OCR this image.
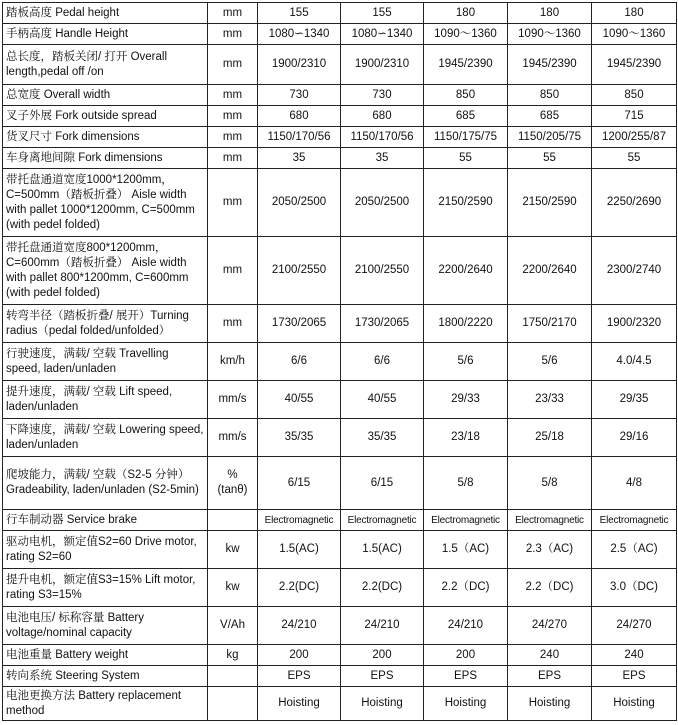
踏板高度 Pedal height	mm	155	155	180	180	180
手柄高度 Handle Height	mm	1080∽1340	1080∽1340	1090～1360	1090～1360	1090～1360
总长度，踏板关闭/ 打开 Overall length,pedal off /on	mm	1900/2310	1900/2310	1945/2390	1945/2390	1945/2390
总宽度 Overall width	mm	730	730	850	850	850
叉子外展 Fork outside spread	mm	680	680	685	685	715
货叉尺寸 Fork dimensions	mm	1150/170/56	1150/170/56	1150/175/75	1150/205/75	1200/255/87
车身离地间隙 Fork dimensions	mm	35	35	55	55	55
带托盘通道宽度1000*1200mm，C=500mm（踏板折叠） Aisle width with pallet 1000*1200mm, C=500mm (with pedel folded)	mm	2050/2500	2050/2500	2150/2590	2150/2590	2250/2690
带托盘通道宽度800*1200mm，C=600mm（踏板折叠） Aisle width with pallet 800*1200mm, C=600mm (with pedel folded)	mm	2100/2550	2100/2550	2200/2640	2200/2640	2300/2740
转弯半径（踏板折叠/ 展开）Turning radius（pedal folded/unfolded）	mm	1730/2065	1730/2065	1800/2220	1750/2170	1900/2320
行驶速度，满载/ 空载 Travelling speed, laden/unladen	km/h	6/6	6/6	5/6	5/6	4.0/4.5
提升速度，满载/ 空载 Lift speed, laden/unladen	mm/s	40/55	40/55	29/33	23/33	29/35
下降速度，满载/ 空载 Lowering speed, laden/unladen	mm/s	35/35	35/35	23/18	25/18	29/16
爬坡能力，满载/ 空载（S2-5 分钟） Gradeability, laden/unladen (S2-5min)	% (tanθ)	6/15	6/15	5/8	5/8	4/8
行车制动器 Service brake		Electromagnetic	Electromagnetic	Electromagnetic	Electromagnetic	Electromagnetic
驱动电机，额定值S2=60 Drive motor, rating S2=60	kw	1.5(AC)	1.5(AC)	1.5（AC)	2.3（AC)	2.5（AC)
提升电机，额定值S3=15% Lift motor, rating S3=15%	kw	2.2(DC)	2.2(DC)	2.2（DC)	2.2（DC)	3.0（DC)
电池电压/ 标称容量 Battery voltage/nominal capacity	V/Ah	24/210	24/210	24/210	24/270	24/270
电池重量 Battery weight	kg	200	200	200	240	240
转向系统 Steering System		EPS	EPS	EPS	EPS	EPS
电池更换方法 Battery replacement method		Hoisting	Hoisting	Hoisting	Hoisting	Hoisting
